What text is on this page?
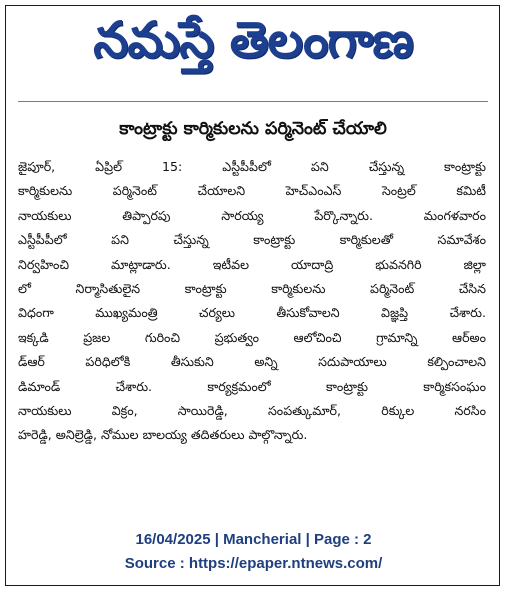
నమస్తే తెలంగాణ
కాంట్రాక్టు కార్మికులను పర్మినెంట్ చేయాలి
జైపూర్, ఏప్రిల్ 15: ఎస్టీపీపీలో పని చేస్తున్న కాంట్రాక్టు
కార్మికులను పర్మినెంట్ చేయాలని హెచ్ఎంఎస్ సెంట్రల్ కమిటీ
నాయకులు తిప్పారపు సారయ్య పేర్కొన్నారు. మంగళవారం
ఎస్టీపీపీలో పని చేస్తున్న కాంట్రాక్టు కార్మికులతో సమావేశం
నిర్వహించి మాట్లాడారు. ఇటీవల యాదాద్రి భువనగిరి జిల్లా
లో నిర్మాసితులైన కాంట్రాక్టు కార్మికులను పర్మినెంట్ చేసిన
విధంగా ముఖ్యమంత్రి చర్యలు తీసుకోవాలని విజ్ఞప్తి చేశారు.
ఇక్కడి ప్రజల గురించి ప్రభుత్వం ఆలోచించి గ్రామాన్ని ఆర్అం
డ్ఆర్ పరిధిలోకి తీసుకుని అన్ని సదుపాయాలు కల్పించాలని
డిమాండ్ చేశారు. కార్యక్రమంలో కాంట్రాక్టు కార్మికసంఘం
నాయకులు విక్రం, సాయిరెడ్డి, సంపత్కుమార్, రిక్కుల నరసిం
హరెడ్డి, అనిల్రెడ్డి, నోముల బాలయ్య తదితరులు పాల్గొన్నారు.
16/04/2025 | Mancherial | Page : 2
Source : https://epaper.ntnews.com/
